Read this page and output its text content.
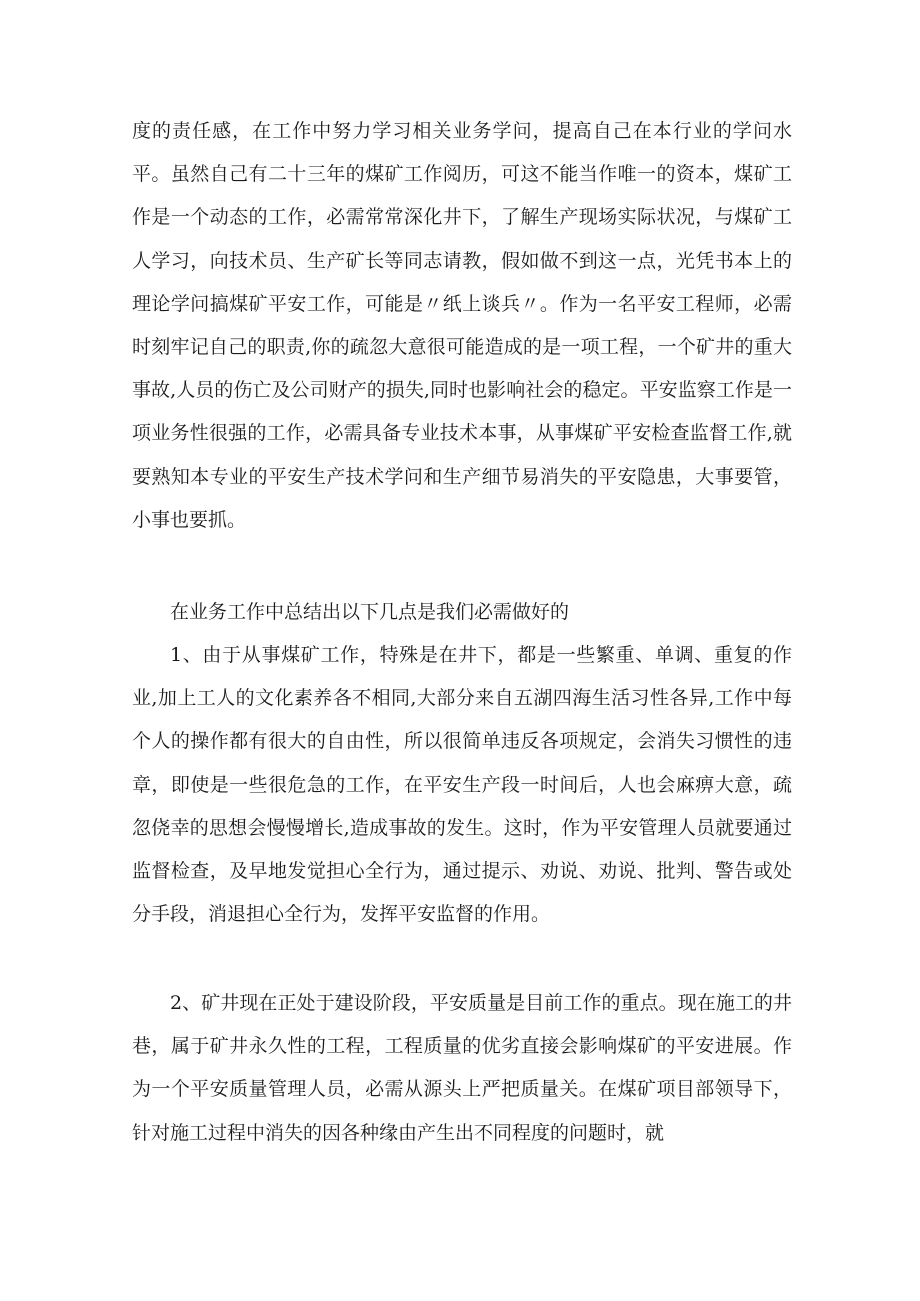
度的责任感，在工作中努力学习相关业务学问，提高自己在本行业的学问水平。虽然自己有二十三年的煤矿工作阅历，可这不能当作唯一的资本，煤矿工作是一个动态的工作，必需常常深化井下，了解生产现场实际状况，与煤矿工人学习，向技术员、生产矿长等同志请教，假如做不到这一点，光凭书本上的理论学问搞煤矿平安工作，可能是〃纸上谈兵〃。作为一名平安工程师，必需时刻牢记自己的职责,你的疏忽大意很可能造成的是一项工程，一个矿井的重大事故,人员的伤亡及公司财产的损失,同时也影响社会的稳定。平安监察工作是一项业务性很强的工作，必需具备专业技术本事，从事煤矿平安检查监督工作,就要熟知本专业的平安生产技术学问和生产细节易消失的平安隐患，大事要管，小事也要抓。

在业务工作中总结出以下几点是我们必需做好的

1、由于从事煤矿工作，特殊是在井下，都是一些繁重、单调、重复的作业,加上工人的文化素养各不相同,大部分来自五湖四海生活习性各异,工作中每个人的操作都有很大的自由性，所以很简单违反各项规定，会消失习惯性的违章，即使是一些很危急的工作，在平安生产段一时间后，人也会麻痹大意，疏忽侥幸的思想会慢慢增长,造成事故的发生。这时，作为平安管理人员就要通过监督检查，及早地发觉担心全行为，通过提示、劝说、劝说、批判、警告或处分手段，消退担心全行为，发挥平安监督的作用。

2、矿井现在正处于建设阶段，平安质量是目前工作的重点。现在施工的井巷，属于矿井永久性的工程，工程质量的优劣直接会影响煤矿的平安进展。作为一个平安质量管理人员，必需从源头上严把质量关。在煤矿项目部领导下，针对施工过程中消失的因各种缘由产生出不同程度的问题时，就
